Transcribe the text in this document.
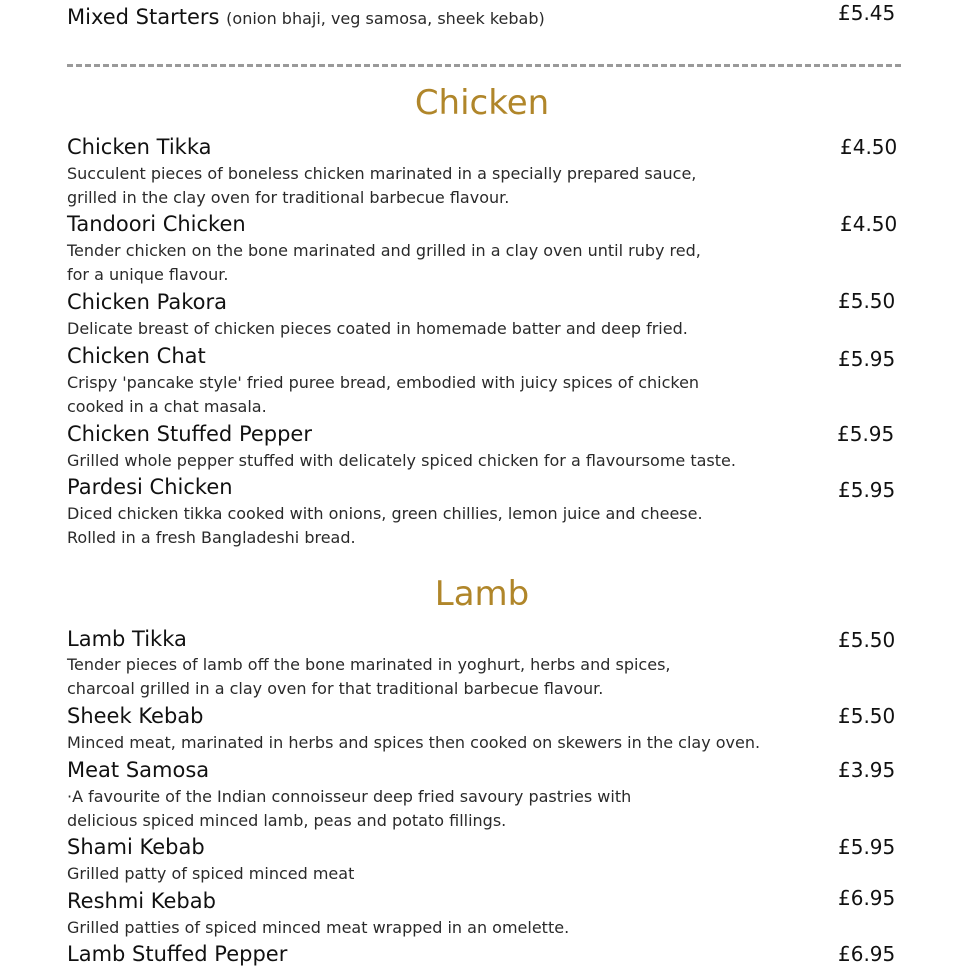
Mixed Starters (onion bhaji, veg samosa, sheek kebab)	£5.45
Chicken
Chicken Tikka	£4.50
Succulent pieces of boneless chicken marinated in a specially prepared sauce,
grilled in the clay oven for traditional barbecue flavour.
Tandoori Chicken	£4.50
Tender chicken on the bone marinated and grilled in a clay oven until ruby red,
for a unique flavour.
Chicken Pakora	£5.50
Delicate breast of chicken pieces coated in homemade batter and deep fried.
Chicken Chat	£5.95
Crispy 'pancake style' fried puree bread, embodied with juicy spices of chicken
cooked in a chat masala.
Chicken Stuffed Pepper	£5.95
Grilled whole pepper stuffed with delicately spiced chicken for a flavoursome taste.
Pardesi Chicken	£5.95
Diced chicken tikka cooked with onions, green chillies, lemon juice and cheese.
Rolled in a fresh Bangladeshi bread.
Lamb
Lamb Tikka	£5.50
Tender pieces of lamb off the bone marinated in yoghurt, herbs and spices,
charcoal grilled in a clay oven for that traditional barbecue flavour.
Sheek Kebab	£5.50
Minced meat, marinated in herbs and spices then cooked on skewers in the clay oven.
Meat Samosa	£3.95
·A favourite of the Indian connoisseur deep fried savoury pastries with
delicious spiced minced lamb, peas and potato fillings.
Shami Kebab	£5.95
Grilled patty of spiced minced meat
Reshmi Kebab	£6.95
Grilled patties of spiced minced meat wrapped in an omelette.
Lamb Stuffed Pepper	£6.95
